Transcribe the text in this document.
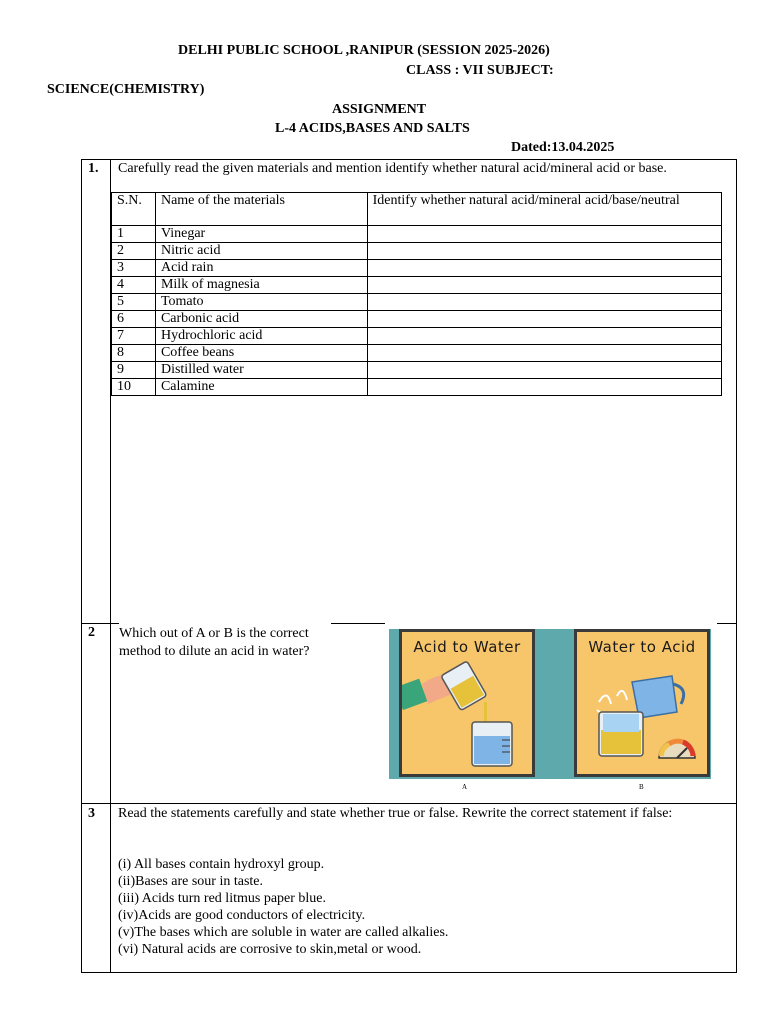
DELHI PUBLIC SCHOOL ,RANIPUR (SESSION 2025-2026)
CLASS : VII SUBJECT:
SCIENCE(CHEMISTRY)
ASSIGNMENT
L-4 ACIDS,BASES AND SALTS
Dated:13.04.2025
1. Carefully read the given materials and mention identify whether natural acid/mineral acid or base.
S.N.	Name of the materials	Identify whether natural acid/mineral acid/base/neutral
1	Vinegar	
2	Nitric acid	
3	Acid rain	
4	Milk of magnesia	
5	Tomato	
6	Carbonic acid	
7	Hydrochloric acid	
8	Coffee beans	
9	Distilled water	
10	Calamine	
2 Which out of A or B is the correct method to dilute an acid in water?	Acid to Water	Water to Acid
A	B
3 Read the statements carefully and state whether true or false. Rewrite the correct statement if false:
(i) All bases contain hydroxyl group.
(ii)Bases are sour in taste.
(iii) Acids turn red litmus paper blue.
(iv)Acids are good conductors of electricity.
(v)The bases which are soluble in water are called alkalies.
(vi) Natural acids are corrosive to skin,metal or wood.
